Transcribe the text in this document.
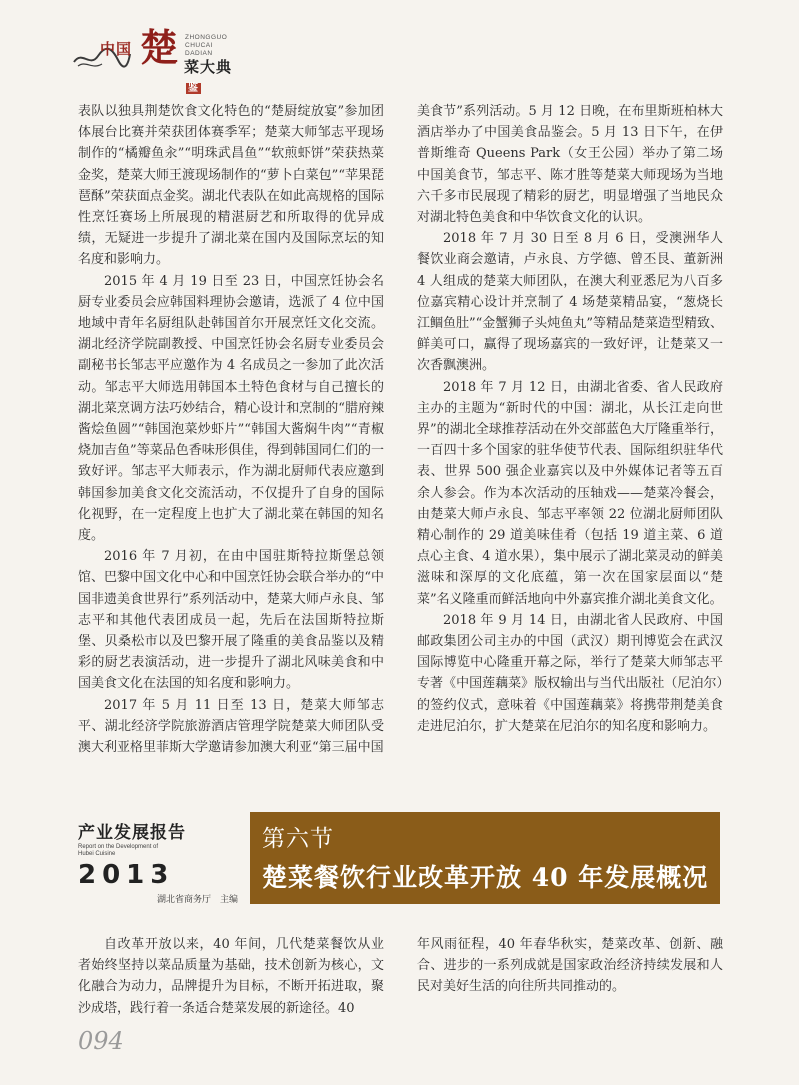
中国 楚 ZHONGGUO
CHUCAI DADIAN
菜大典鉴

表队以独具荆楚饮食文化特色的“楚厨绽放宴”参加团体展台比赛并荣获团体赛季军；楚菜大师邹志平现场制作的“橘瓣鱼汆”“明珠武昌鱼”“软煎虾饼”荣获热菜金奖，楚菜大师王渡现场制作的“萝卜白菜包”“苹果琵琶酥”荣获面点金奖。湖北代表队在如此高规格的国际性烹饪赛场上所展现的精湛厨艺和所取得的优异成绩，无疑进一步提升了湖北菜在国内及国际烹坛的知名度和影响力。

2015 年 4 月 19 日至 23 日，中国烹饪协会名厨专业委员会应韩国料理协会邀请，选派了 4 位中国地域中青年名厨组队赴韩国首尔开展烹饪文化交流。湖北经济学院副教授、中国烹饪协会名厨专业委员会副秘书长邹志平应邀作为 4 名成员之一参加了此次活动。邹志平大师选用韩国本土特色食材与自己擅长的湖北菜烹调方法巧妙结合，精心设计和烹制的“腊府辣酱烩鱼圆”“韩国泡菜炒虾片”“韩国大酱焖牛肉”“青椒烧加吉鱼”等菜品色香味形俱佳，得到韩国同仁们的一致好评。邹志平大师表示，作为湖北厨师代表应邀到韩国参加美食文化交流活动，不仅提升了自身的国际化视野，在一定程度上也扩大了湖北菜在韩国的知名度。

2016 年 7 月初，在由中国驻斯特拉斯堡总领馆、巴黎中国文化中心和中国烹饪协会联合举办的“中国非遗美食世界行”系列活动中，楚菜大师卢永良、邹志平和其他代表团成员一起，先后在法国斯特拉斯堡、贝桑松市以及巴黎开展了隆重的美食品鉴以及精彩的厨艺表演活动，进一步提升了湖北风味美食和中国美食文化在法国的知名度和影响力。

2017 年 5 月 11 日至 13 日，楚菜大师邹志平、湖北经济学院旅游酒店管理学院楚菜大师团队受澳大利亚格里菲斯大学邀请参加澳大利亚“第三届中国

美食节”系列活动。5 月 12 日晚，在布里斯班柏林大酒店举办了中国美食品鉴会。5 月 13 日下午，在伊普斯维奇 Queens Park（女王公园）举办了第二场中国美食节，邹志平、陈才胜等楚菜大师现场为当地六千多市民展现了精彩的厨艺，明显增强了当地民众对湖北特色美食和中华饮食文化的认识。

2018 年 7 月 30 日至 8 月 6 日，受澳洲华人餐饮业商会邀请，卢永良、方学德、曾丕艮、董新洲 4 人组成的楚菜大师团队，在澳大利亚悉尼为八百多位嘉宾精心设计并烹制了 4 场楚菜精品宴，“葱烧长江鲴鱼肚”“金蟹狮子头炖鱼丸”等精品楚菜造型精致、鲜美可口，赢得了现场嘉宾的一致好评，让楚菜又一次香飘澳洲。

2018 年 7 月 12 日，由湖北省委、省人民政府主办的主题为“新时代的中国：湖北，从长江走向世界”的湖北全球推荐活动在外交部蓝色大厅隆重举行，一百四十多个国家的驻华使节代表、国际组织驻华代表、世界 500 强企业嘉宾以及中外媒体记者等五百余人参会。作为本次活动的压轴戏——楚菜冷餐会，由楚菜大师卢永良、邹志平率领 22 位湖北厨师团队精心制作的 29 道美味佳肴（包括 19 道主菜、6 道点心主食、4 道水果），集中展示了湖北菜灵动的鲜美滋味和深厚的文化底蕴，第一次在国家层面以“楚菜”名义隆重而鲜活地向中外嘉宾推介湖北美食文化。

2018 年 9 月 14 日，由湖北省人民政府、中国邮政集团公司主办的中国（武汉）期刊博览会在武汉国际博览中心隆重开幕之际，举行了楚菜大师邹志平专著《中国莲藕菜》版权输出与当代出版社（尼泊尔）的签约仪式，意味着《中国莲藕菜》将携带荆楚美食走进尼泊尔，扩大楚菜在尼泊尔的知名度和影响力。

产业发展报告
Report on the Development of
Hubei Cuisine
2013
湖北省商务厅　主编
第六节
楚菜餐饮行业改革开放 40 年发展概况

自改革开放以来，40 年间，几代楚菜餐饮从业者始终坚持以菜品质量为基础，技术创新为核心，文化融合为动力，品牌提升为目标，不断开拓进取，聚沙成塔，践行着一条适合楚菜发展的新途径。40

年风雨征程，40 年春华秋实，楚菜改革、创新、融合、进步的一系列成就是国家政治经济持续发展和人民对美好生活的向往所共同推动的。

094
